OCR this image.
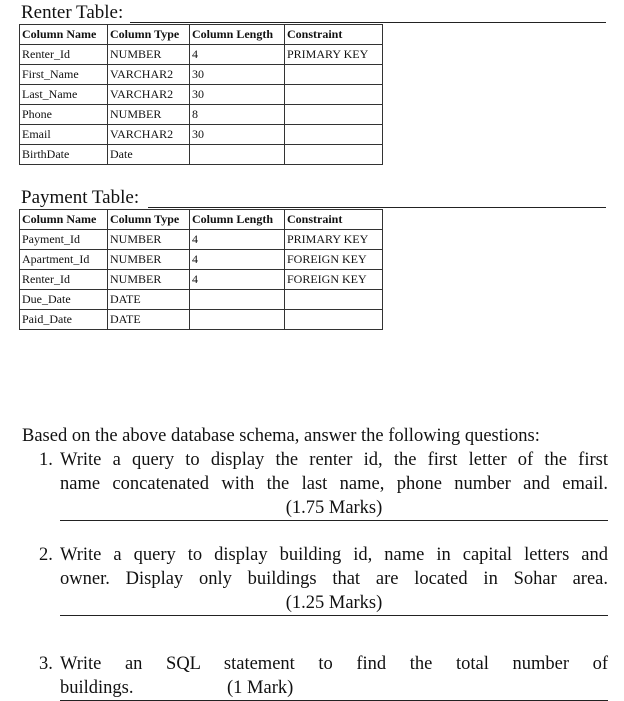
Renter Table:
Column Name	Column Type	Column Length	Constraint
Renter_Id	NUMBER	4	PRIMARY KEY
First_Name	VARCHAR2	30	
Last_Name	VARCHAR2	30	
Phone	NUMBER	8	
Email	VARCHAR2	30	
BirthDate	Date		
Payment Table:
Column Name	Column Type	Column Length	Constraint
Payment_Id	NUMBER	4	PRIMARY KEY
Apartment_Id	NUMBER	4	FOREIGN KEY
Renter_Id	NUMBER	4	FOREIGN KEY
Due_Date	DATE		
Paid_Date	DATE		

Based on the above database schema, answer the following questions:

1. Write a query to display the renter id, the first letter of the first
name concatenated with the last name, phone number and email.
(1.75 Marks)
2. Write a query to display building id, name in capital letters and
owner. Display only buildings that are located in Sohar area.
(1.25 Marks)
3. Write an SQL statement to find the total number of
buildings.	(1 Mark)
